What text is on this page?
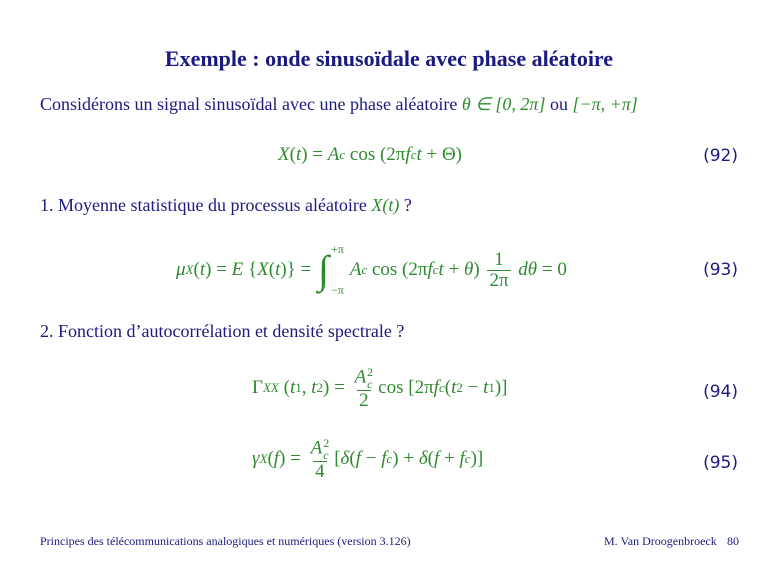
Exemple : onde sinusoïdale avec phase aléatoire
Considérons un signal sinusoïdal avec une phase aléatoire θ ∈ [0, 2π] ou [−π, +π]
X ( t ) = A c cos (2π f c t + Θ)	(92)
1. Moyenne statistique du processus aléatoire X(t) ?
μ X ( t ) = E { X ( t )} = ∫ +π
−π
A c cos (2π f c t + θ ) $\frac{1}{2\pi}$ dθ = 0	(93)
2. Fonction d’autocorrélation et densité spectrale ?
Γ XX ( t 1 , t 2 ) = A 2
c
2 cos [2π f c ( t 2 − t 1 )]	(94)
γ X ( f ) = A 2
c
4 [ δ ( f − f c ) + δ ( f + f c )]	(95)
Principes des télécommunications analogiques et numériques (version 3.126)	M. Van Droogenbroeck 80
